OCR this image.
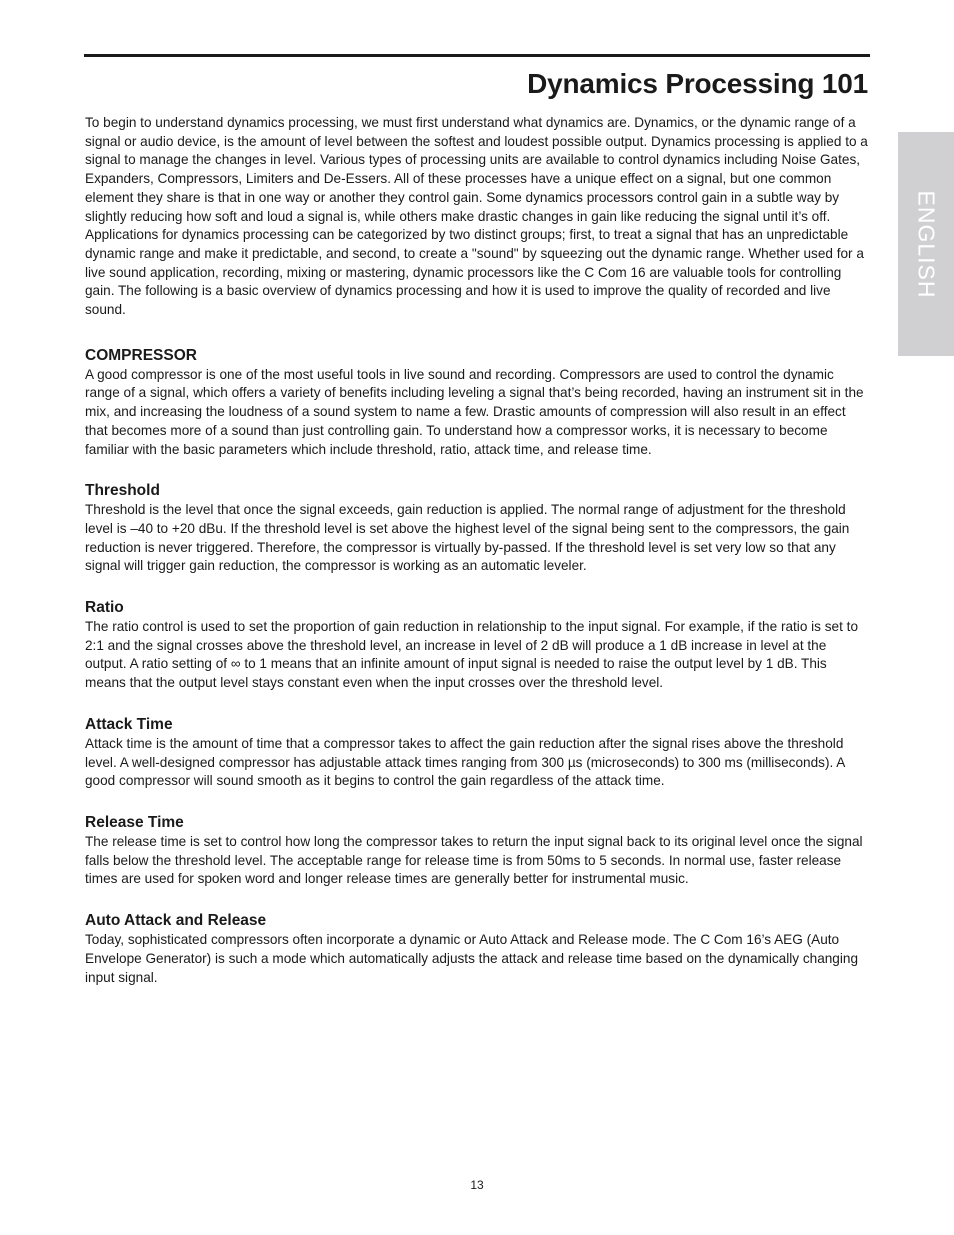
Dynamics Processing 101
ENGLISH

To begin to understand dynamics processing, we must first understand what dynamics are. Dynamics, or the dynamic range of a signal or audio device, is the amount of level between the softest and loudest possible output. Dynamics processing is applied to a signal to manage the changes in level. Various types of processing units are available to control dynamics including Noise Gates, Expanders, Compressors, Limiters and De-Essers. All of these processes have a unique effect on a signal, but one common element they share is that in one way or another they control gain. Some dynamics processors control gain in a subtle way by slightly reducing how soft and loud a signal is, while others make drastic changes in gain like reducing the signal until it’s off. Applications for dynamics processing can be categorized by two distinct groups; first, to treat a signal that has an unpredictable dynamic range and make it predictable, and second, to create a "sound" by squeezing out the dynamic range. Whether used for a live sound application, recording, mixing or mastering, dynamic processors like the C Com 16 are valuable tools for controlling gain. The following is a basic overview of dynamics processing and how it is used to improve the quality of recorded and live sound.

COMPRESSOR

A good compressor is one of the most useful tools in live sound and recording. Compressors are used to control the dynamic range of a signal, which offers a variety of benefits including leveling a signal that’s being recorded, having an instrument sit in the mix, and increasing the loudness of a sound system to name a few. Drastic amounts of compression will also result in an effect that becomes more of a sound than just controlling gain. To understand how a compressor works, it is necessary to become familiar with the basic parameters which include threshold, ratio, attack time, and release time.

Threshold

Threshold is the level that once the signal exceeds, gain reduction is applied. The normal range of adjustment for the threshold level is –40 to +20 dBu. If the threshold level is set above the highest level of the signal being sent to the compressors, the gain reduction is never triggered. Therefore, the compressor is virtually by-passed. If the threshold level is set very low so that any signal will trigger gain reduction, the compressor is working as an automatic leveler.

Ratio

The ratio control is used to set the proportion of gain reduction in relationship to the input signal. For example, if the ratio is set to 2:1 and the signal crosses above the threshold level, an increase in level of 2 dB will produce a 1 dB increase in level at the output. A ratio setting of ∞ to 1 means that an infinite amount of input signal is needed to raise the output level by 1 dB. This means that the output level stays constant even when the input crosses over the threshold level.

Attack Time

Attack time is the amount of time that a compressor takes to affect the gain reduction after the signal rises above the threshold level. A well-designed compressor has adjustable attack times ranging from 300 µs (microseconds) to 300 ms (milliseconds). A good compressor will sound smooth as it begins to control the gain regardless of the attack time.

Release Time

The release time is set to control how long the compressor takes to return the input signal back to its original level once the signal falls below the threshold level. The acceptable range for release time is from 50ms to 5 seconds. In normal use, faster release times are used for spoken word and longer release times are generally better for instrumental music.

Auto Attack and Release

Today, sophisticated compressors often incorporate a dynamic or Auto Attack and Release mode. The C Com 16’s AEG (Auto Envelope Generator) is such a mode which automatically adjusts the attack and release time based on the dynamically changing input signal.

13
